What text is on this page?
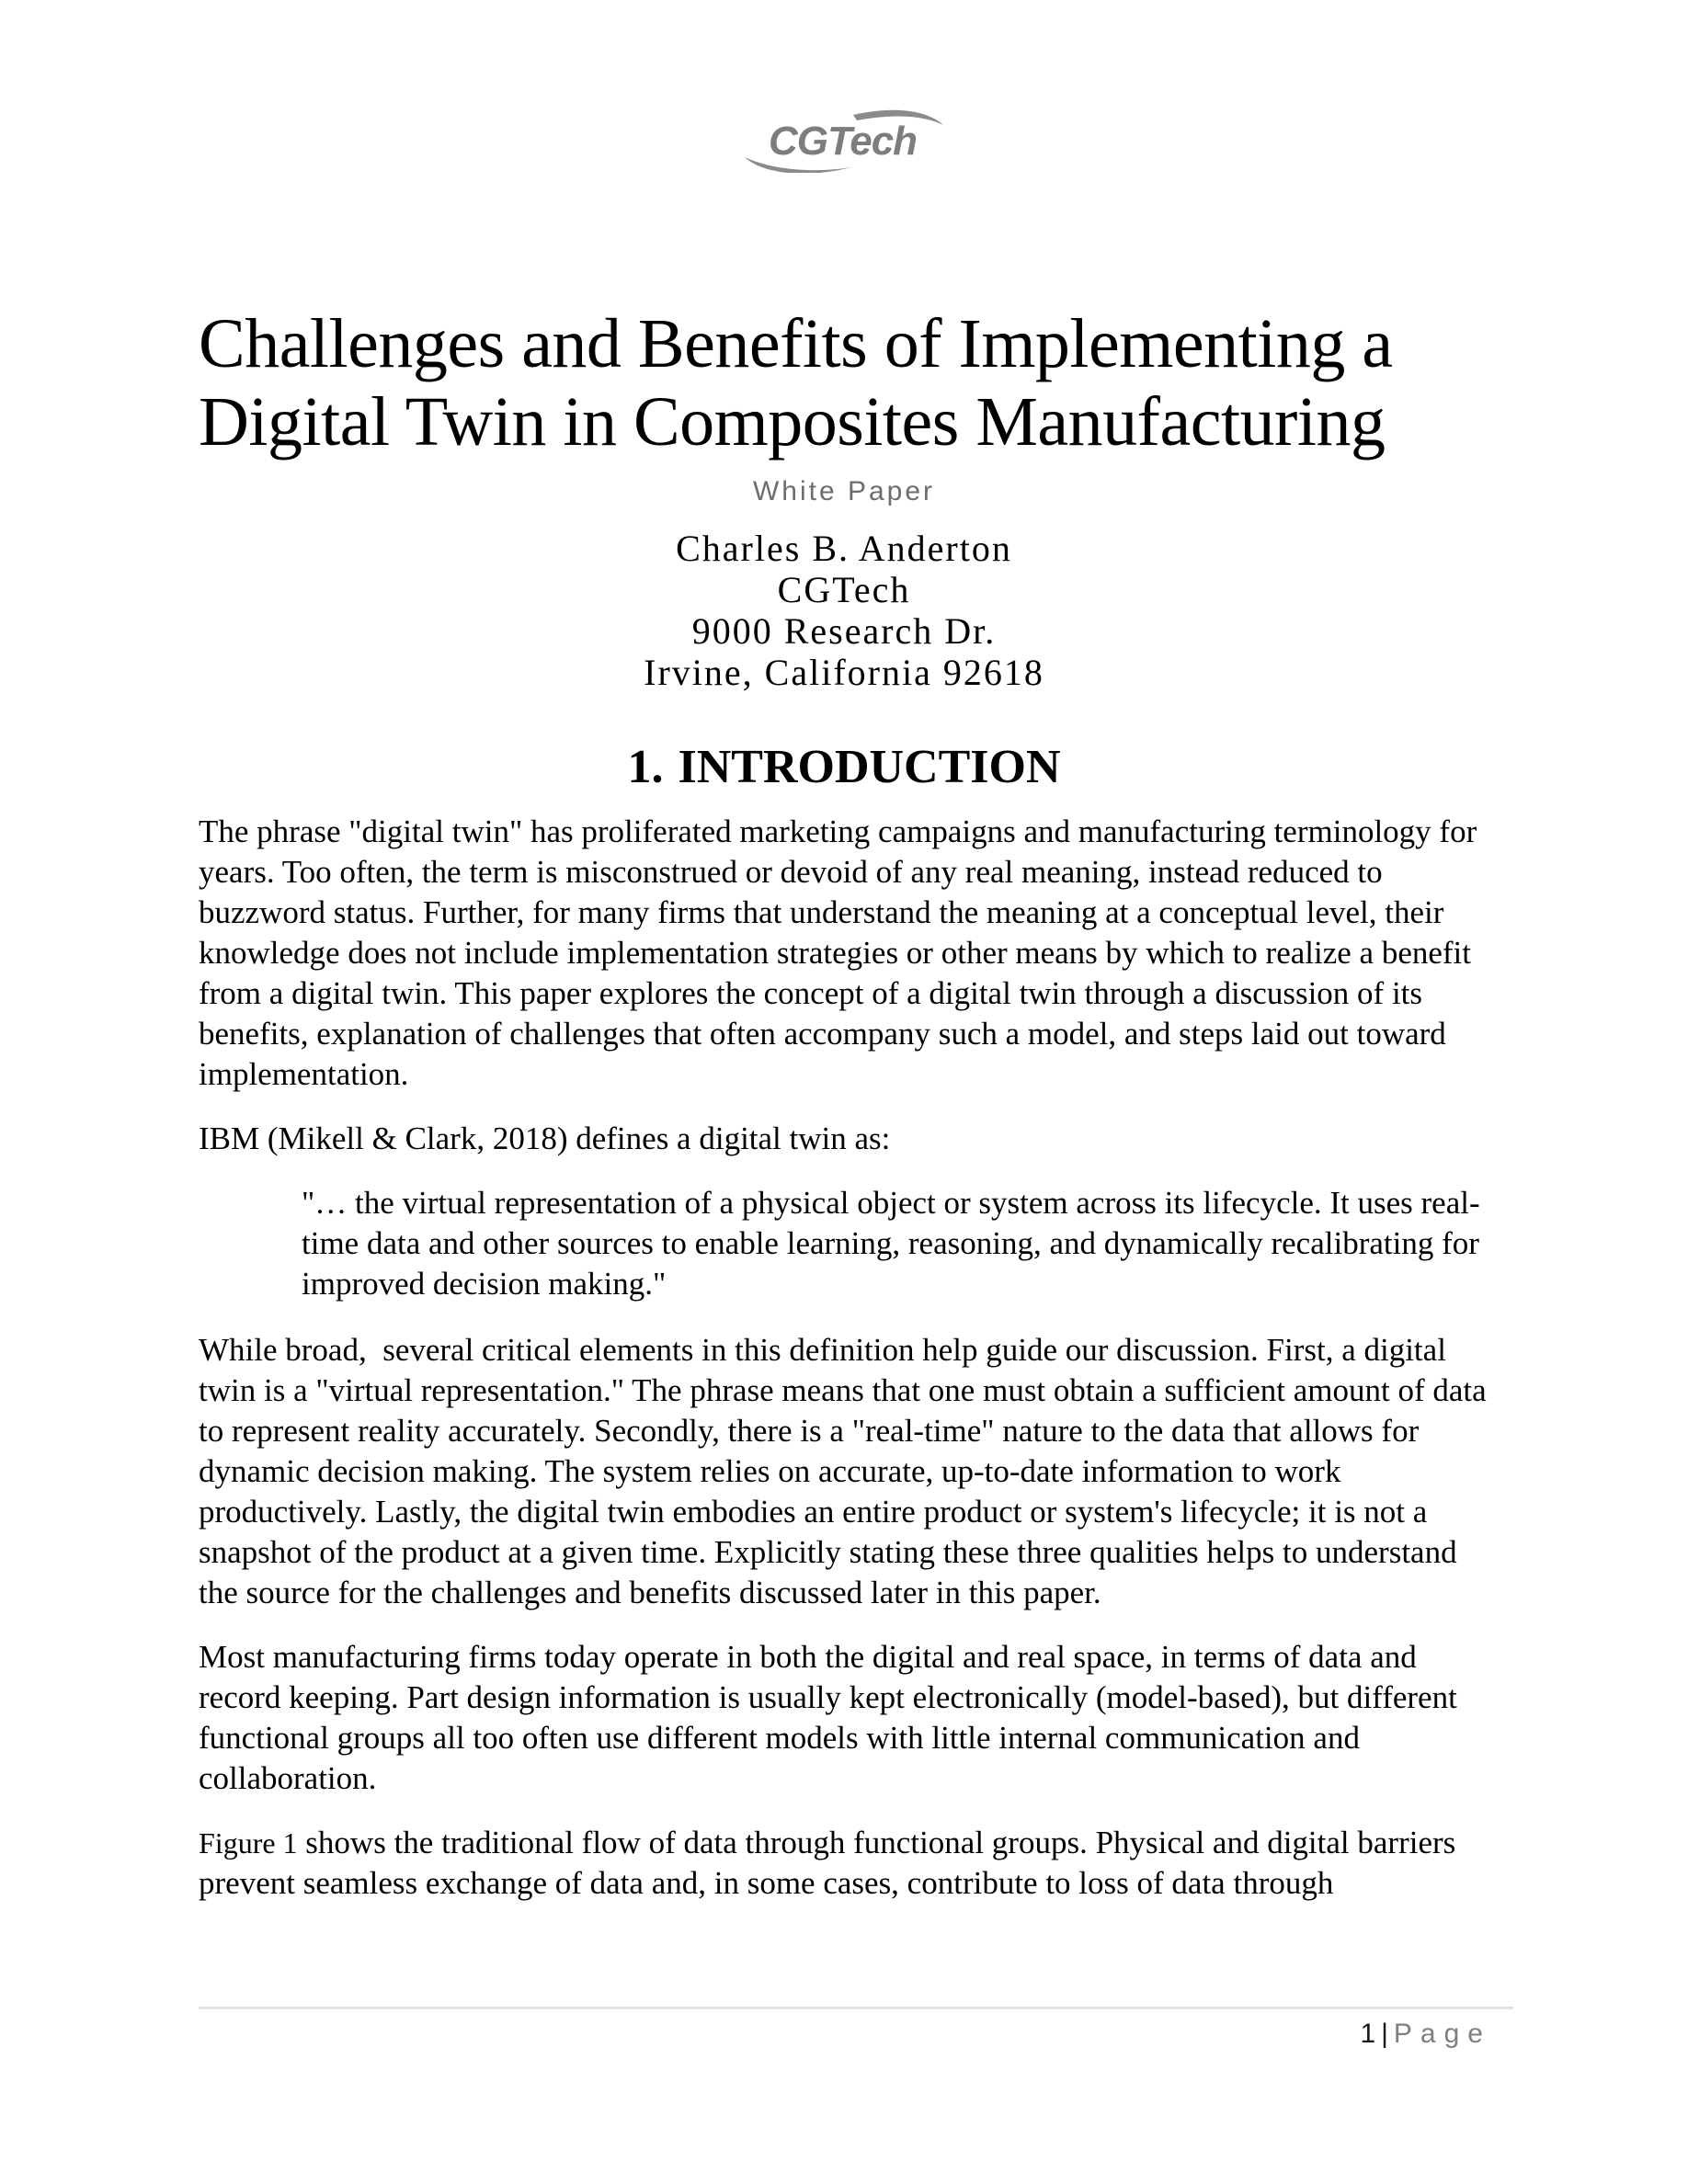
CGTech
Challenges and Benefits of Implementing a
Digital Twin in Composites Manufacturing
White Paper
Charles B. Anderton
CGTech
9000 Research Dr.
Irvine, California 92618
1. INTRODUCTION

The phrase "digital twin" has proliferated marketing campaigns and manufacturing terminology for years. Too often, the term is misconstrued or devoid of any real meaning, instead reduced to buzzword status. Further, for many firms that understand the meaning at a conceptual level, their knowledge does not include implementation strategies or other means by which to realize a benefit from a digital twin. This paper explores the concept of a digital twin through a discussion of its benefits, explanation of challenges that often accompany such a model, and steps laid out toward implementation.

IBM (Mikell & Clark, 2018) defines a digital twin as:

"… the virtual representation of a physical object or system across its lifecycle. It uses real-time data and other sources to enable learning, reasoning, and dynamically recalibrating for improved decision making."

While broad,  several critical elements in this definition help guide our discussion. First, a digital twin is a "virtual representation." The phrase means that one must obtain a sufficient amount of data to represent reality accurately. Secondly, there is a "real-time" nature to the data that allows for dynamic decision making. The system relies on accurate, up-to-date information to work productively. Lastly, the digital twin embodies an entire product or system's lifecycle; it is not a snapshot of the product at a given time. Explicitly stating these three qualities helps to understand the source for the challenges and benefits discussed later in this paper.

Most manufacturing firms today operate in both the digital and real space, in terms of data and record keeping. Part design information is usually kept electronically (model-based), but different functional groups all too often use different models with little internal communication and collaboration.

Figure 1 shows the traditional flow of data through functional groups. Physical and digital barriers prevent seamless exchange of data and, in some cases, contribute to loss of data through

1| Page
